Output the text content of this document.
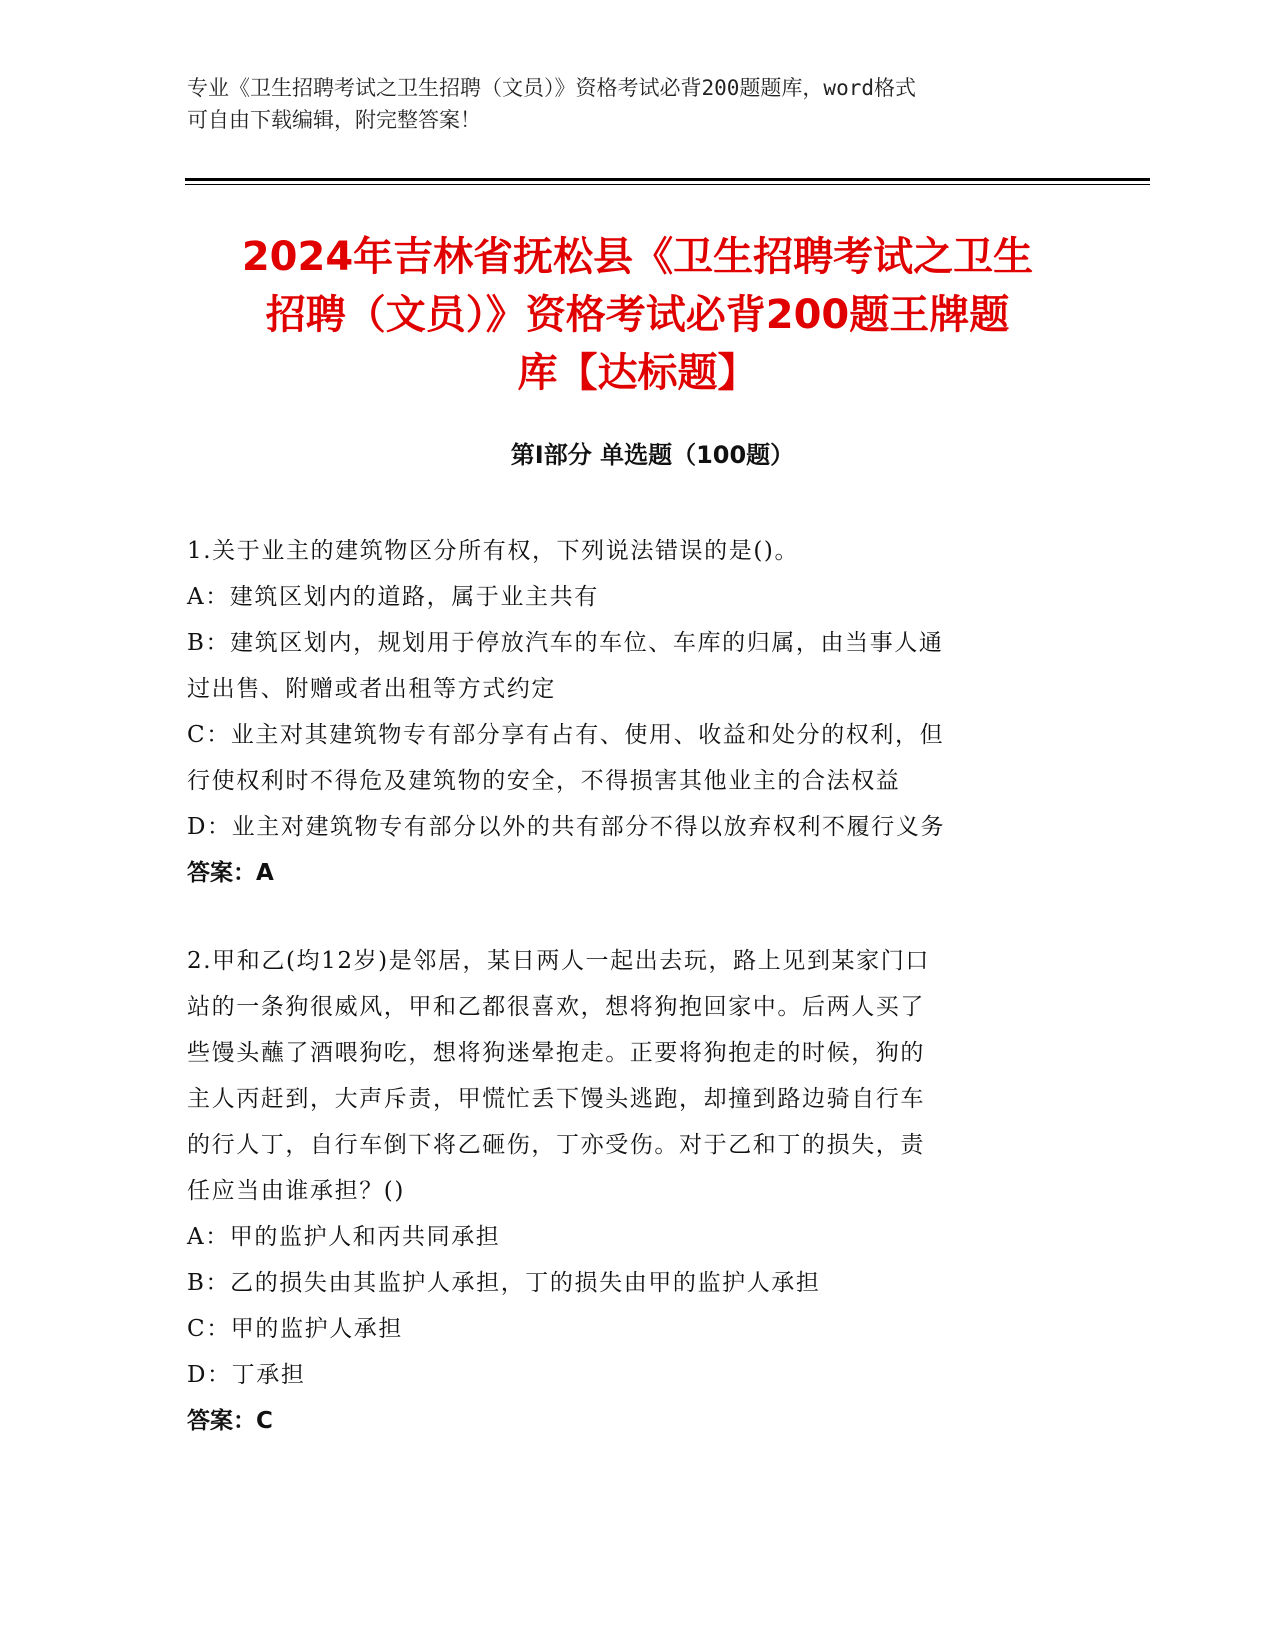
专业《卫生招聘考试之卫生招聘（文员）》资格考试必背200题题库，word格式
可自由下载编辑，附完整答案！
2024年吉林省抚松县《卫生招聘考试之卫生
招聘（文员）》资格考试必背200题王牌题
库【达标题】
第Ⅰ部分 单选题（100题）
1.关于业主的建筑物区分所有权，下列说法错误的是()。
A：建筑区划内的道路，属于业主共有
B：建筑区划内，规划用于停放汽车的车位、车库的归属，由当事人通
过出售、附赠或者出租等方式约定
C：业主对其建筑物专有部分享有占有、使用、收益和处分的权利，但
行使权利时不得危及建筑物的安全，不得损害其他业主的合法权益
D：业主对建筑物专有部分以外的共有部分不得以放弃权利不履行义务
答案：A
2.甲和乙(均12岁)是邻居，某日两人一起出去玩，路上见到某家门口
站的一条狗很威风，甲和乙都很喜欢，想将狗抱回家中。后两人买了
些馒头蘸了酒喂狗吃，想将狗迷晕抱走。正要将狗抱走的时候，狗的
主人丙赶到，大声斥责，甲慌忙丢下馒头逃跑，却撞到路边骑自行车
的行人丁，自行车倒下将乙砸伤，丁亦受伤。对于乙和丁的损失，责
任应当由谁承担？()
A：甲的监护人和丙共同承担
B：乙的损失由其监护人承担，丁的损失由甲的监护人承担
C：甲的监护人承担
D：丁承担
答案：C
